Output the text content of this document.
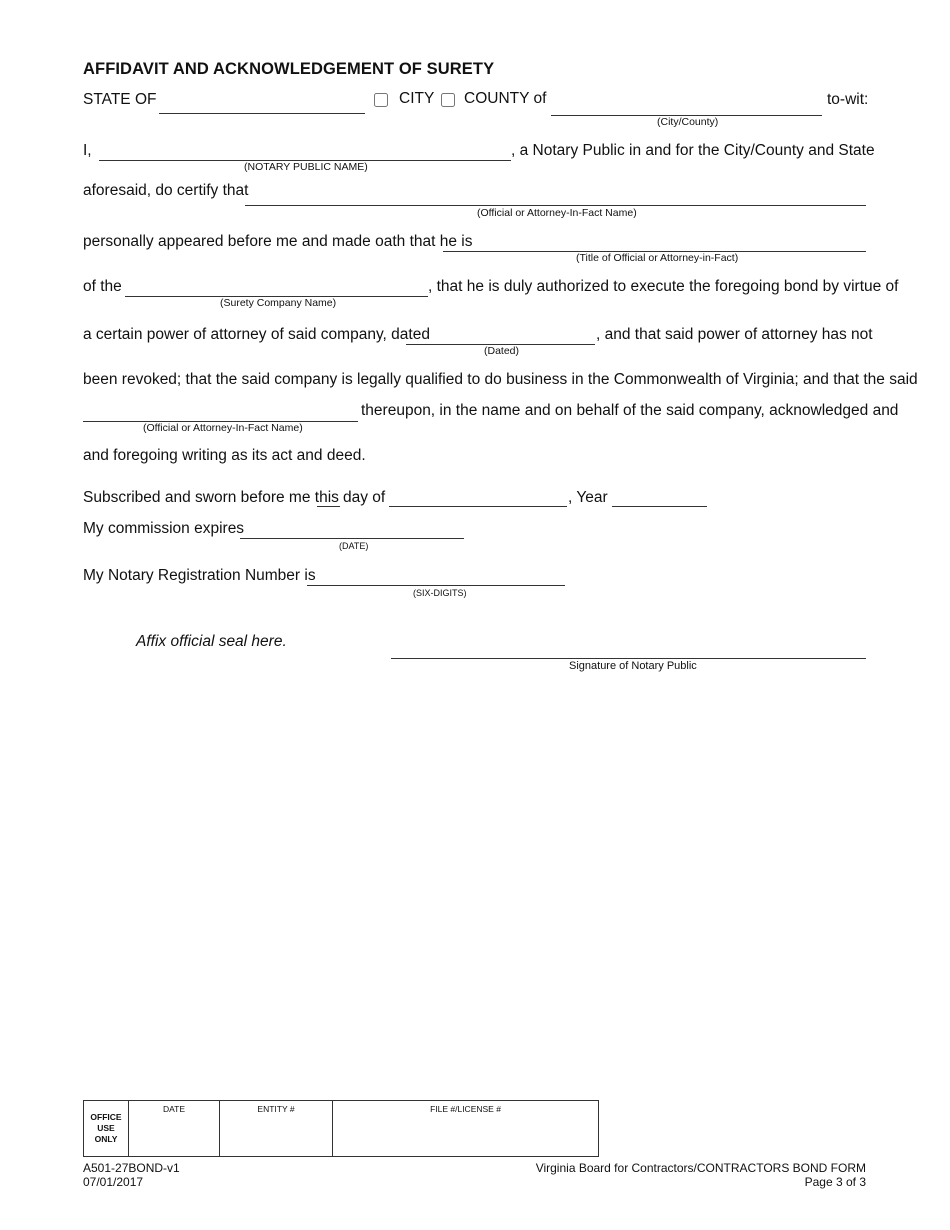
AFFIDAVIT AND ACKNOWLEDGEMENT OF SURETY
STATE OF	CITY COUNTY of	to-wit:
(City/County)
I,	, a Notary Public in and for the City/County and State
(NOTARY PUBLIC NAME)
aforesaid, do certify that
(Official or Attorney-In-Fact Name)
personally appeared before me and made oath that he is
(Title of Official or Attorney-in-Fact)
of the	, that he is duly authorized to execute the foregoing bond by virtue of
(Surety Company Name)
a certain power of attorney of said company, dated	, and that said power of attorney has not
(Dated)
been revoked; that the said company is legally qualified to do business in the Commonwealth of Virginia; and that the said
thereupon, in the name and on behalf of the said company, acknowledged and
(Official or Attorney-In-Fact Name)
and foregoing writing as its act and deed.
Subscribed and sworn before me this day of	, Year
My commission expires
(DATE)
My Notary Registration Number is
(SIX-DIGITS)
Affix official seal here.
Signature of Notary Public
OFFICE
USE
ONLY
	DATE	ENTITY #	FILE #/LICENSE #
A501-27BOND-v1
07/01/2017
Virginia Board for Contractors/CONTRACTORS BOND FORM
Page 3 of 3
